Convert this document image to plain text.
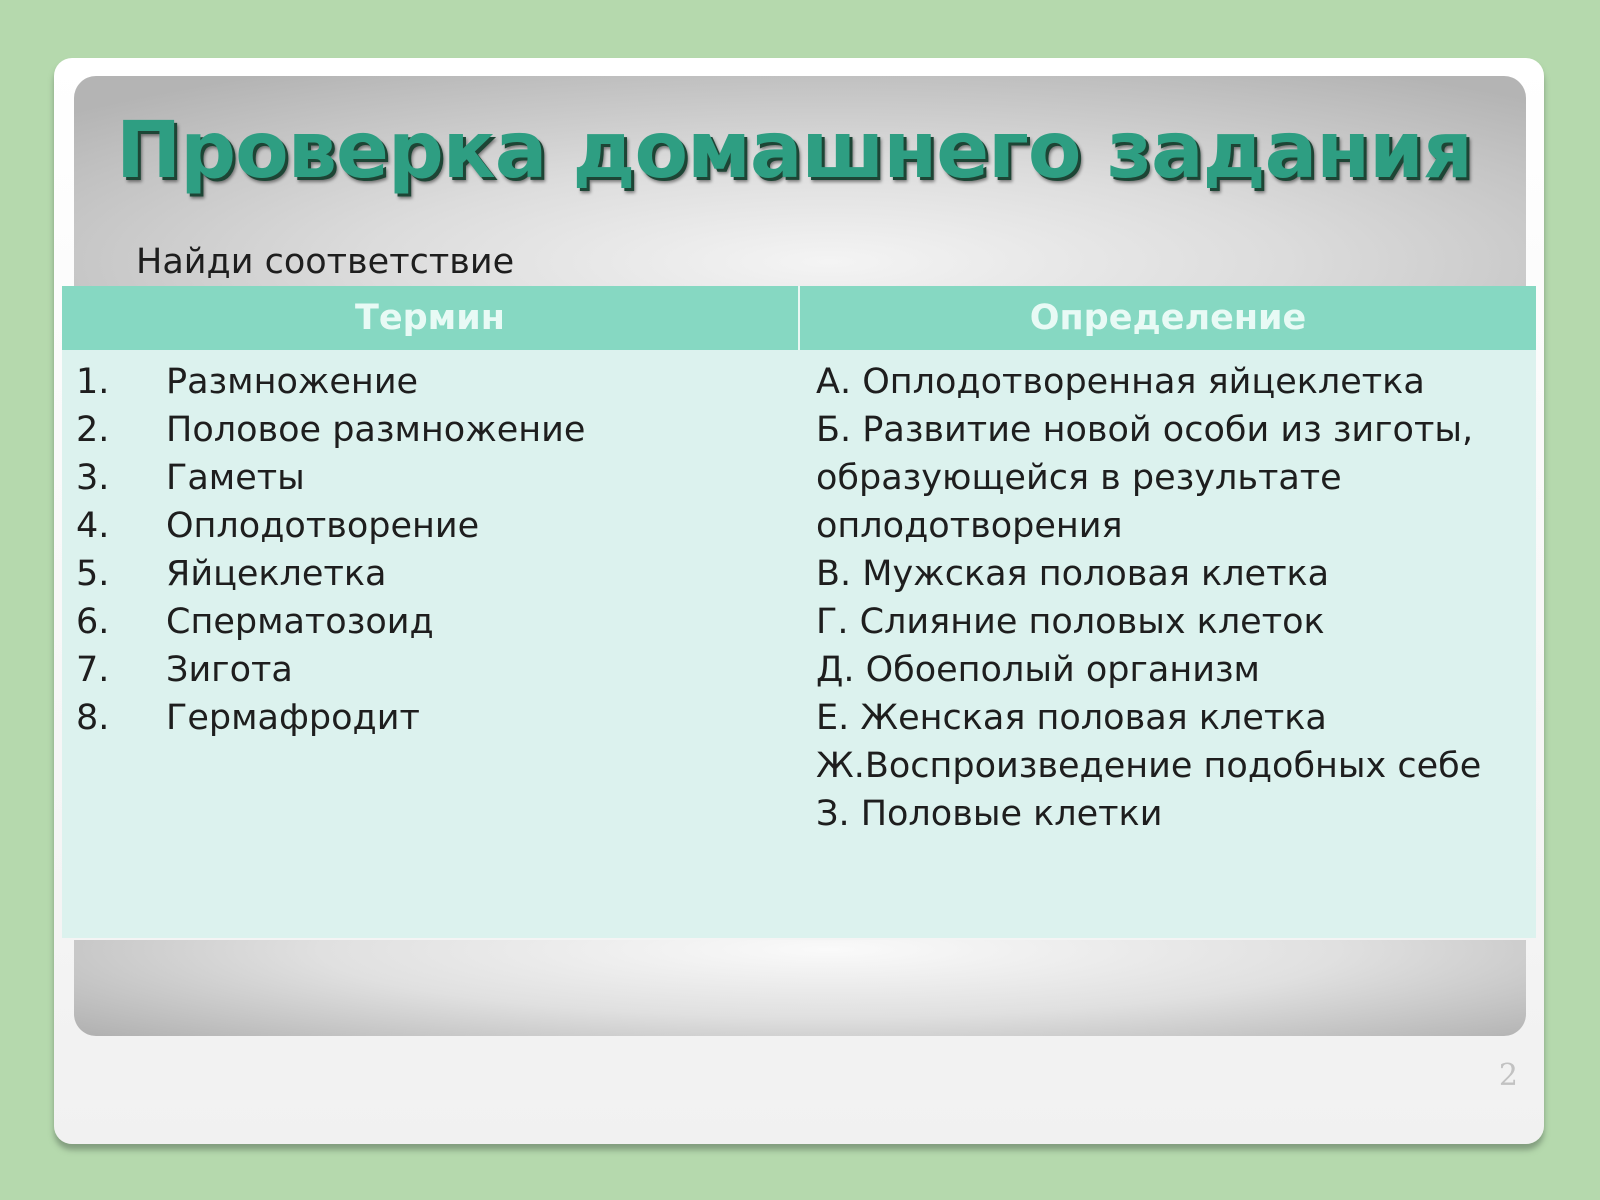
Проверка домашнего задания
Найди соответствие
Термин	Определение
1. Размножение
2. Половое размножение
3. Гаметы
4. Оплодотворение
5. Яйцеклетка
6. Сперматозоид
7. Зигота
8. Гермафродит

А. Оплодотворенная яйцеклетка

Б. Развитие новой особи из зиготы, образующейся в результате оплодотворения

В. Мужская половая клетка

Г. Слияние половых клеток

Д. Обоеполый организм

Е. Женская половая клетка

Ж.Воспроизведение подобных себе

З. Половые клетки

2
